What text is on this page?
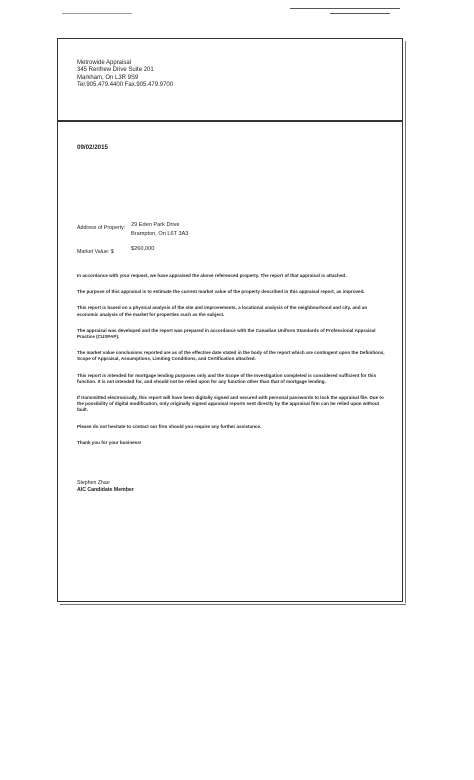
Metrowide Appraisal
345 Renfrew Drive Suite 201
Markham, On L3R 9S9
Tel.905.479.4400 Fax.905.479.9700
09/02/2015
Address of Property: 29 Eden Park Drive
Brampton, On L6T 3A3
Market Value: $	$260,000

In accordance with your request, we have appraised the above referenced property. The report of that appraisal is attached.

The purpose of this appraisal is to estimate the current market value of the property described in this appraisal report, as improved.

This report is based on a physical analysis of the site and improvements, a locational analysis of the neighbourhood and city, and an economic analysis of the market for properties such as the subject.

The appraisal was developed and the report was prepared in accordance with the Canadian Uniform Standards of Professional Appraisal Practice (CUSPAP).

The market value conclusions reported are as of the effective date stated in the body of the report which are contingent upon the Definitions, Scope of Appraisal, Assumptions, Limiting Conditions, and Certification attached.

This report is intended for mortgage lending purposes only and the Scope of the Investigation completed is considered sufficient for this function. It is not intended for, and should not be relied upon for any function other than that of mortgage lending.

If transmitted electronically, this report will have been digitally signed and secured with personal passwords to lock the appraisal file. Due to the possibility of digital modification, only originally signed appraisal reports sent directly by the appraisal firm can be relied upon without fault.

Please do not hesitate to contact our firm should you require any further assistance.

Thank you for your business!

Stephen Zhao
AIC Candidate Member
